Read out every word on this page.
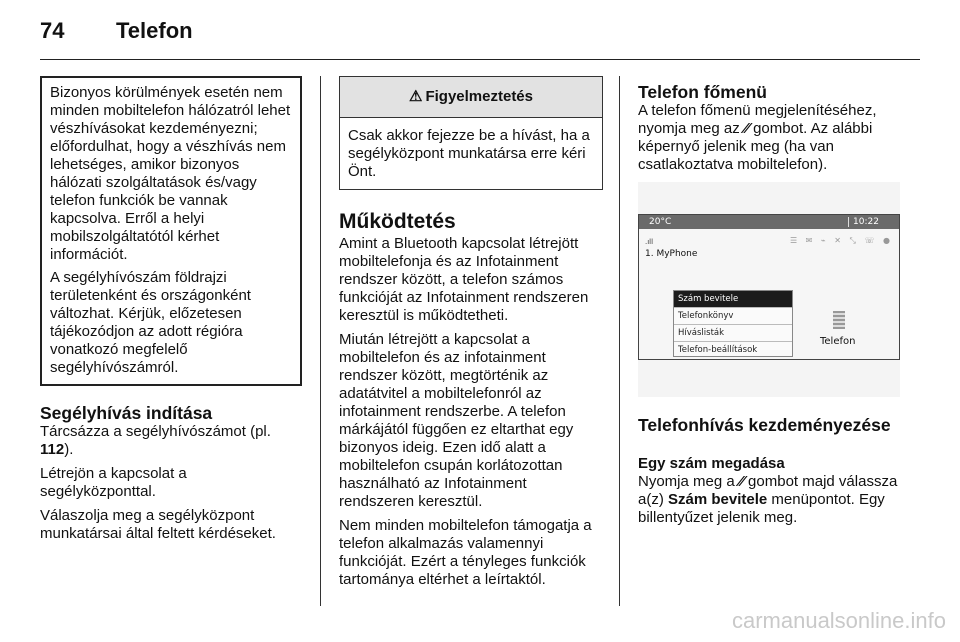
74 Telefon

Bizonyos körülmények esetén nem minden mobiltelefon hálózatról lehet vészhívásokat kezdeményezni; előfordulhat, hogy a vészhívás nem lehetséges, amikor bizonyos hálózati szolgáltatások és/vagy telefon funkciók be vannak kapcsolva. Erről a helyi mobilszolgáltatótól kérhet információt.

A segélyhívószám földrajzi területenként és országonként változhat. Kérjük, előzetesen tájékozódjon az adott régióra vonatkozó megfelelő segélyhívószámról.

Segélyhívás indítása

Tárcsázza a segélyhívószámot (pl. 112).

Létrejön a kapcsolat a segélyközponttal.

Válaszolja meg a segélyközpont munkatársai által feltett kérdéseket.

⚠ Figyelmeztetés
Csak akkor fejezze be a hívást, ha a segélyközpont munkatársa erre kéri Önt.
Működtetés

Amint a Bluetooth kapcsolat létrejött mobiltelefonja és az Infotainment rendszer között, a telefon számos funkcióját az Infotainment rendszeren keresztül is működtetheti.

Miután létrejött a kapcsolat a mobiltelefon és az infotainment rendszer között, megtörténik az adatátvitel a mobiltelefonról az infotainment rendszerbe. A telefon márkájától függően ez eltarthat egy bizonyos ideig. Ezen idő alatt a mobiltelefon csupán korlátozottan használható az Infotainment rendszeren keresztül.

Nem minden mobiltelefon támogatja a telefon alkalmazás valamennyi funkcióját. Ezért a tényleges funkciók tartománya eltérhet a leírtaktól.

Telefon főmenü

A telefon főmenü megjelenítéséhez, nyomja meg az ⁄⁄ gombot. Az alábbi képernyő jelenik meg (ha van csatlakoztatva mobiltelefon).

20°C	10:22
.ıll	☰ ✉ ⌁ ✕ ⤡ ☏ ●
1. MyPhone
Szám bevitele
Telefonkönyv
Híváslisták
Telefon-beállítások
Telefon
Telefonhívás kezdeményezése
Egy szám megadása

Nyomja meg a ⁄⁄ gombot majd válassza a(z) Szám bevitele menüpontot. Egy billentyűzet jelenik meg.

carmanualsonline.info
